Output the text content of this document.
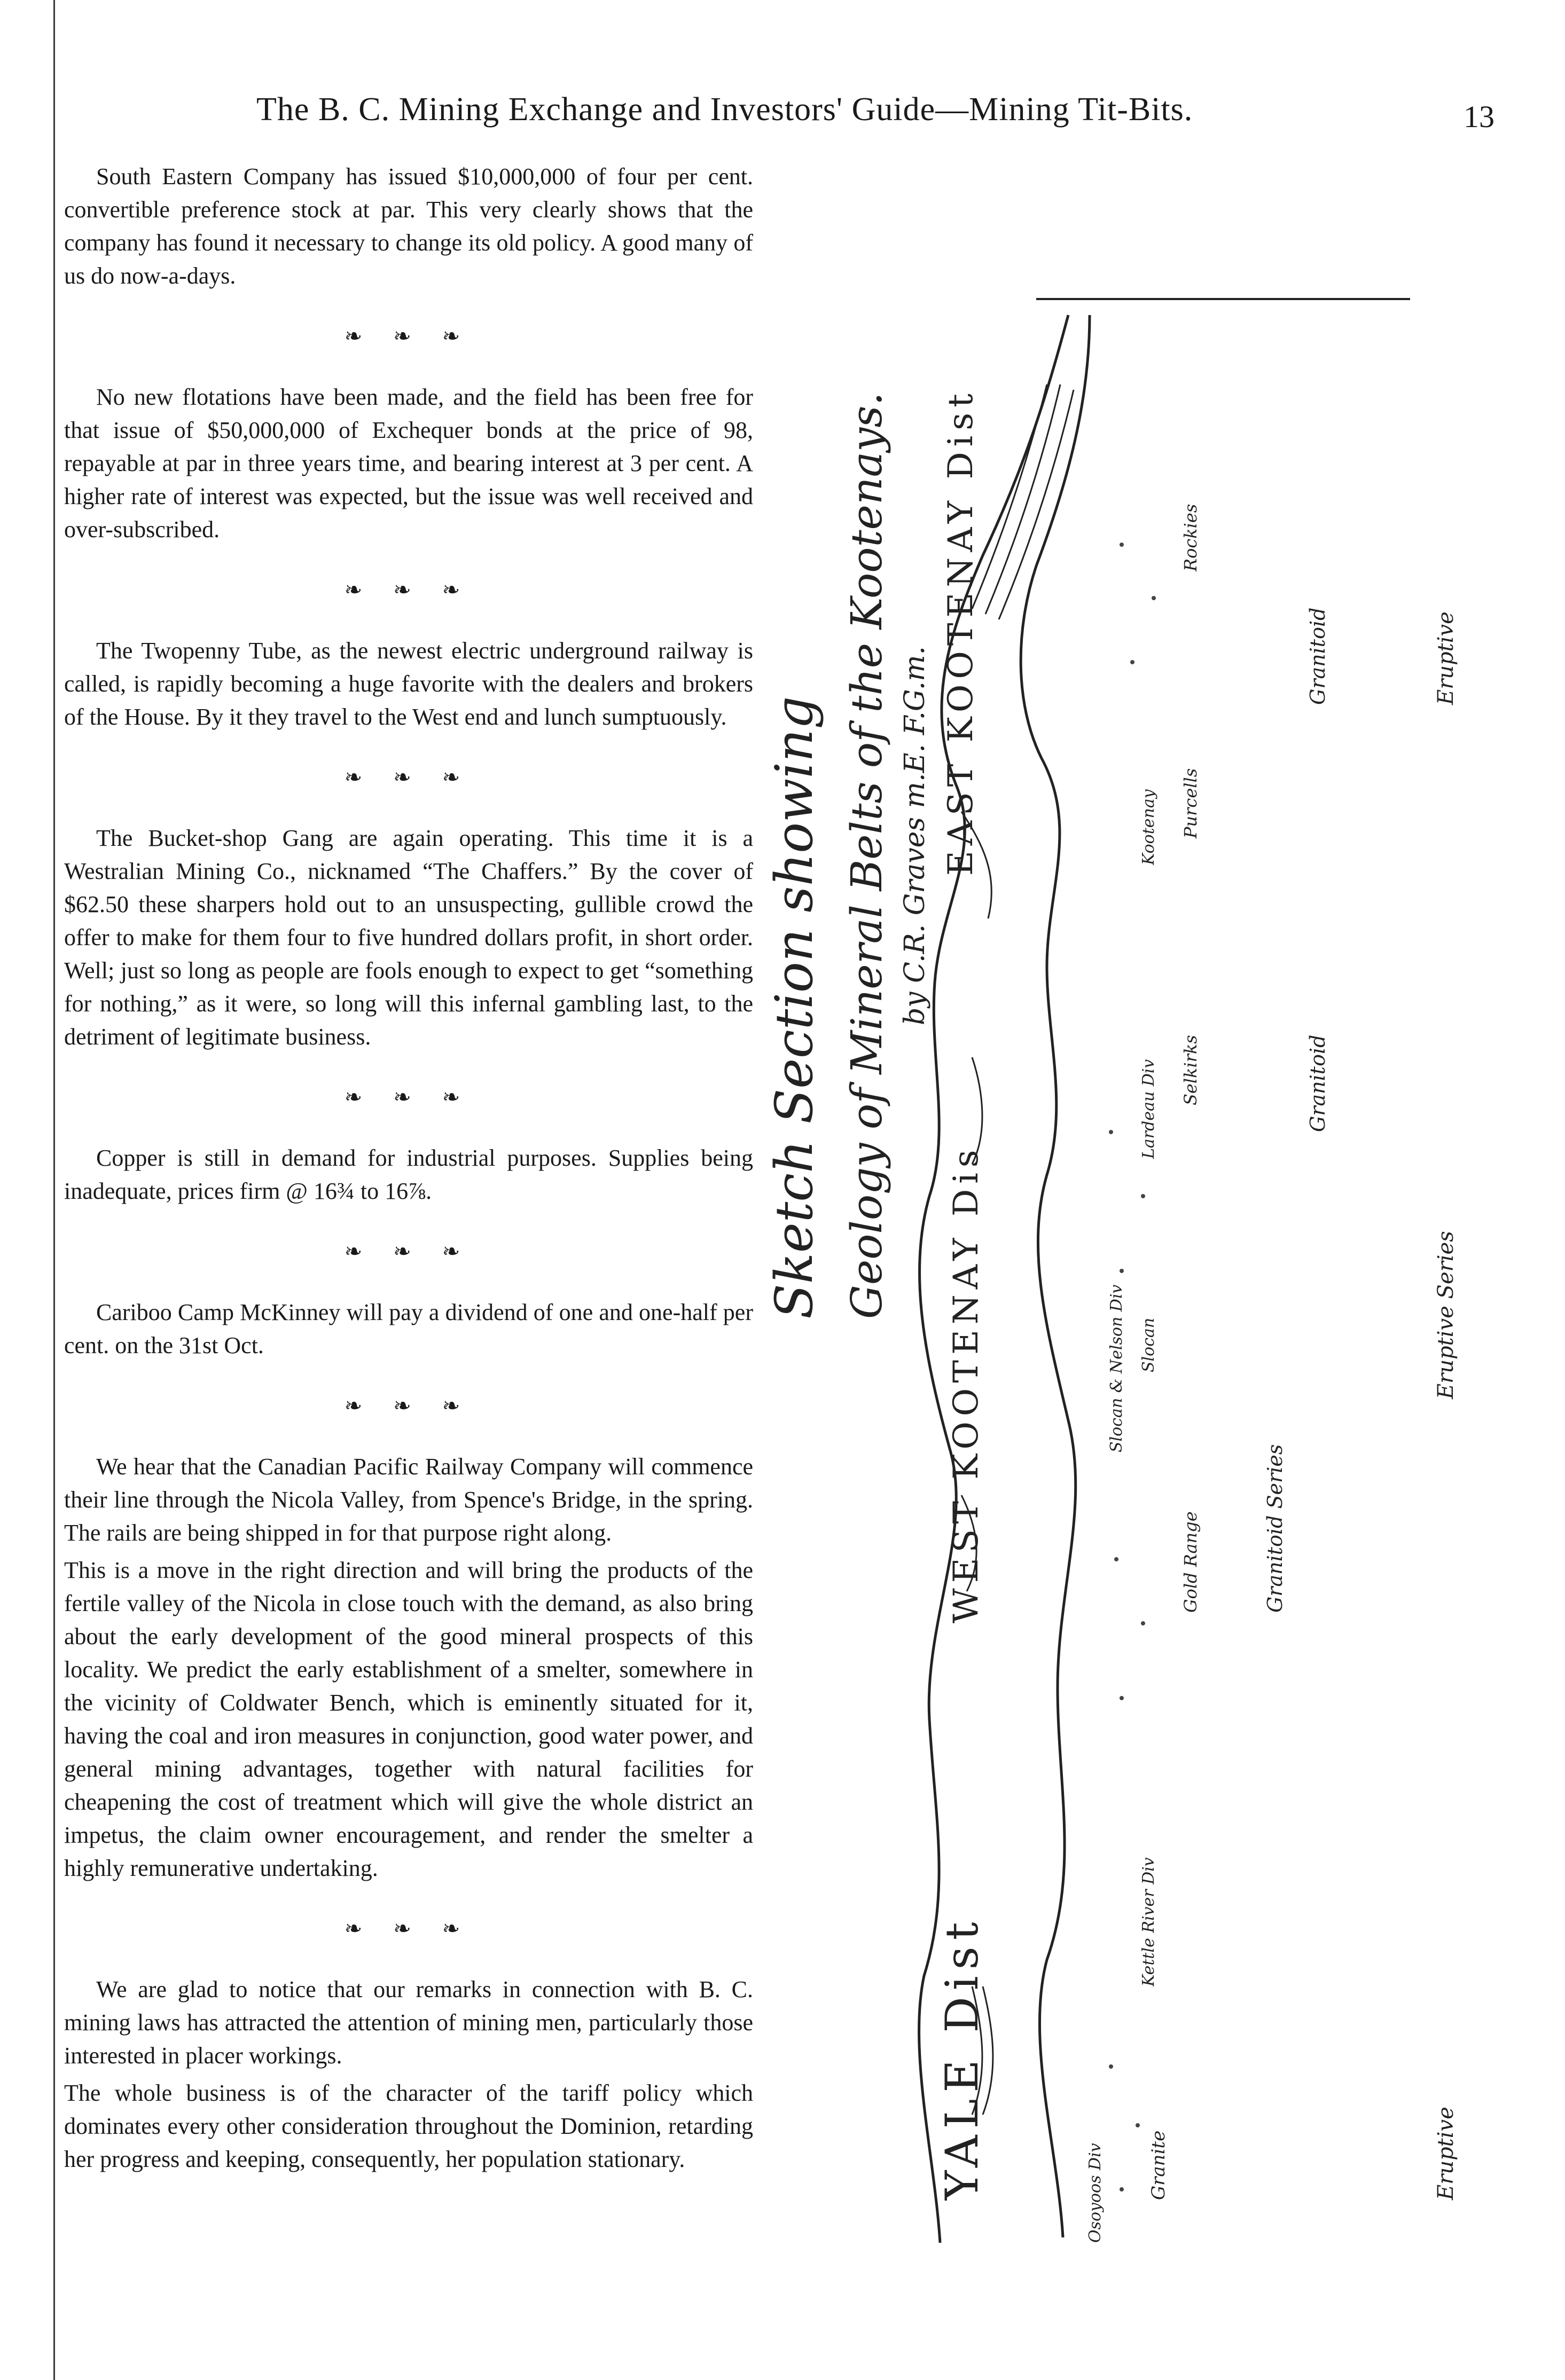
The B. C. Mining Exchange and Investors' Guide—Mining Tit-Bits.	13

South Eastern Company has issued $10,000,000 of four per cent. convertible preference stock at par. This very clearly shows that the company has found it necessary to change its old policy. A good many of us do now-a-days.

❧ ❧ ❧

No new flotations have been made, and the field has been free for that issue of $50,000,000 of Exchequer bonds at the price of 98, repayable at par in three years time, and bearing interest at 3 per cent. A higher rate of interest was expected, but the issue was well received and over-subscribed.

❧ ❧ ❧

The Twopenny Tube, as the newest electric underground railway is called, is rapidly becoming a huge favorite with the dealers and brokers of the House. By it they travel to the West end and lunch sumptuously.

❧ ❧ ❧

The Bucket-shop Gang are again operating. This time it is a Westralian Mining Co., nicknamed “The Chaffers.” By the cover of $62.50 these sharpers hold out to an unsuspecting, gullible crowd the offer to make for them four to five hundred dollars profit, in short order. Well; just so long as people are fools enough to expect to get “something for nothing,” as it were, so long will this infernal gambling last, to the detriment of legitimate business.

❧ ❧ ❧

Copper is still in demand for industrial purposes. Supplies being inadequate, prices firm @ 16¾ to 16⅞.

❧ ❧ ❧

Cariboo Camp McKinney will pay a dividend of one and one-half per cent. on the 31st Oct.

❧ ❧ ❧

We hear that the Canadian Pacific Railway Company will commence their line through the Nicola Valley, from Spence's Bridge, in the spring. The rails are being shipped in for that purpose right along.

This is a move in the right direction and will bring the products of the fertile valley of the Nicola in close touch with the demand, as also bring about the early development of the good mineral prospects of this locality. We predict the early establishment of a smelter, somewhere in the vicinity of Coldwater Bench, which is eminently situated for it, having the coal and iron measures in conjunction, good water power, and general mining advantages, together with natural facilities for cheapening the cost of treatment which will give the whole district an impetus, the claim owner encouragement, and render the smelter a highly remunerative undertaking.

❧ ❧ ❧

We are glad to notice that our remarks in connection with B. C. mining laws has attracted the attention of mining men, particularly those interested in placer workings.

The whole business is of the character of the tariff policy which dominates every other consideration throughout the Dominion, retarding her progress and keeping, consequently, her population stationary.

Sketch Section showing Geology of Mineral Belts of the Kootenays. by C.R. Graves m.E. F.G.m. EAST KOOTENAY Dist
WEST KOOTENAY Dis
YALE Dist
Eruptive
Eruptive Series
Eruptive
Granitoid
Granitoid
Granitoid Series
Granite
Rockies
Purcells
Selkirks
Gold Range
Kootenay
Lardeau Div
Slocan
Slocan & Nelson Div
Kettle River Div
Osoyoos Div
